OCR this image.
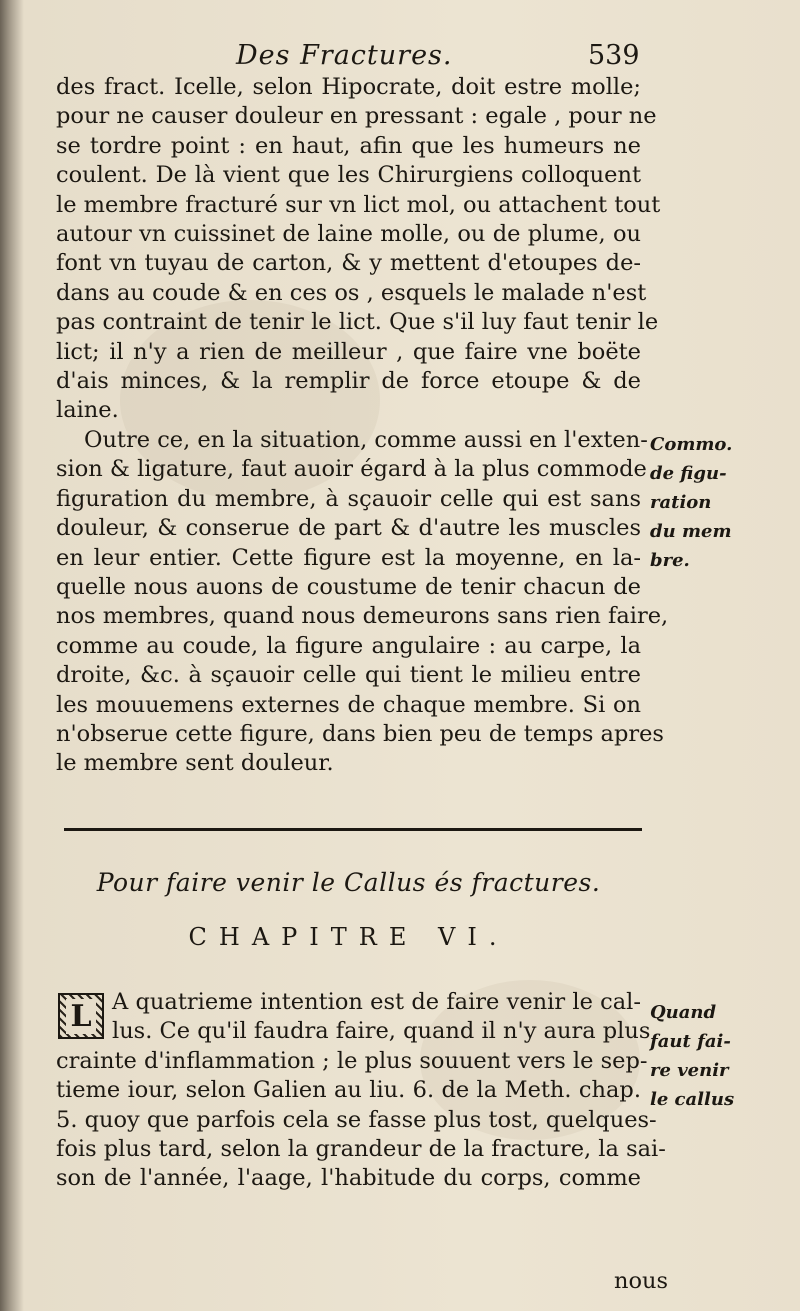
Des Fractures.	539
des fract. Icelle, selon Hipocrate, doit estre molle;
pour ne causer douleur en pressant : egale , pour ne
se tordre point : en haut, afin que les humeurs ne
coulent. De là vient que les Chirurgiens colloquent
le membre fracturé sur vn lict mol, ou attachent tout
autour vn cuissinet de laine molle, ou de plume, ou
font vn tuyau de carton, & y mettent d'etoupes de-
dans au coude & en ces os , esquels le malade n'est
pas contraint de tenir le lict. Que s'il luy faut tenir le
lict; il n'y a rien de meilleur , que faire vne boëte
d'ais minces, & la remplir de force etoupe & de
laine.
Outre ce, en la situation, comme aussi en l'exten-
sion & ligature, faut auoir égard à la plus commode
figuration du membre, à sçauoir celle qui est sans
douleur, & conserue de part & d'autre les muscles
en leur entier. Cette figure est la moyenne, en la-
quelle nous auons de coustume de tenir chacun de
nos membres, quand nous demeurons sans rien faire,
comme au coude, la figure angulaire : au carpe, la
droite, &c. à sçauoir celle qui tient le milieu entre
les mouuemens externes de chaque membre. Si on
n'obserue cette figure, dans bien peu de temps apres
le membre sent douleur.
Commo.
de figu-
ration
du mem
bre.
Pour faire venir le Callus és fractures.
CHAPITRE VI.
L A quatrieme intention est de faire venir le cal-
lus. Ce qu'il faudra faire, quand il n'y aura plus
crainte d'inflammation ; le plus souuent vers le sep-
tieme iour, selon Galien au liu. 6. de la Meth. chap.
5. quoy que parfois cela se fasse plus tost, quelques-
fois plus tard, selon la grandeur de la fracture, la sai-
son de l'année, l'aage, l'habitude du corps, comme
Quand
faut fai-
re venir
le callus
nous
